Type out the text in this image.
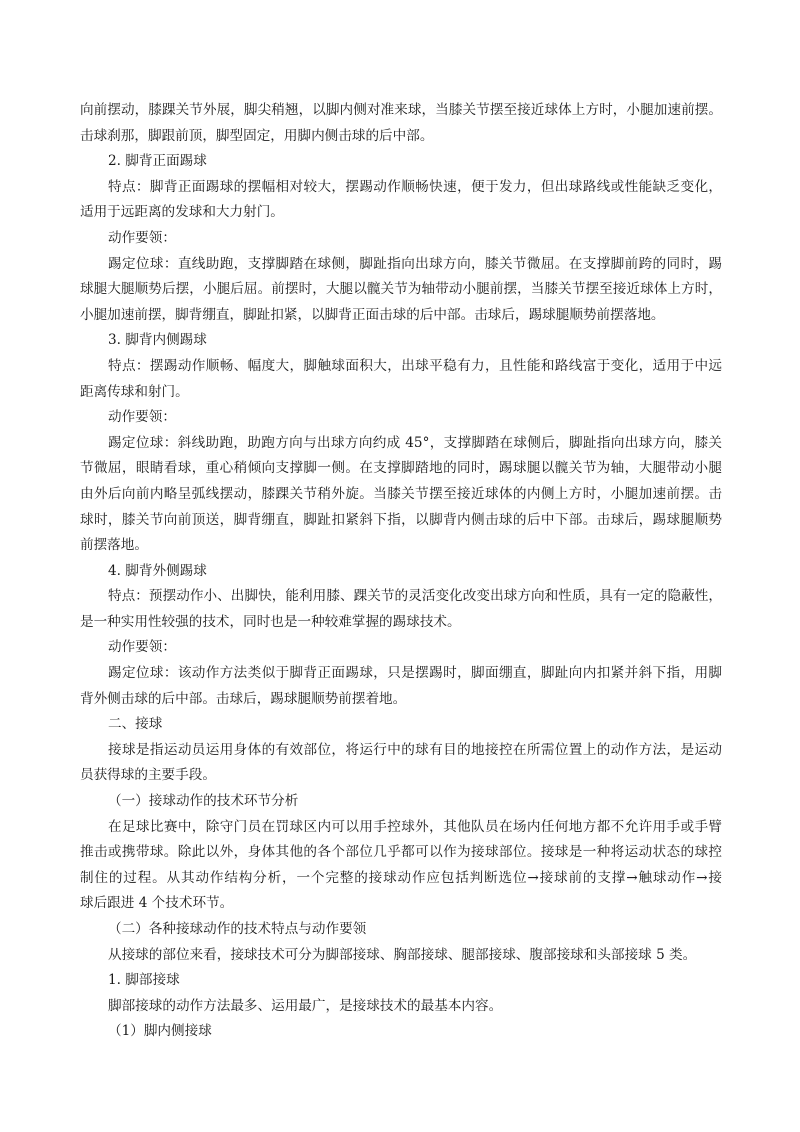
向前摆动，膝踝关节外展，脚尖稍翘，以脚内侧对准来球，当膝关节摆至接近球体上方时，小腿加速前摆。
击球刹那，脚跟前顶，脚型固定，用脚内侧击球的后中部。
2. 脚背正面踢球
特点：脚背正面踢球的摆幅相对较大，摆踢动作顺畅快速，便于发力，但出球路线或性能缺乏变化，
适用于远距离的发球和大力射门。
动作要领：
踢定位球：直线助跑，支撑脚踏在球侧，脚趾指向出球方向，膝关节微屈。在支撑脚前跨的同时，踢
球腿大腿顺势后摆，小腿后屈。前摆时，大腿以髋关节为轴带动小腿前摆，当膝关节摆至接近球体上方时，
小腿加速前摆，脚背绷直，脚趾扣紧，以脚背正面击球的后中部。击球后，踢球腿顺势前摆落地。
3. 脚背内侧踢球
特点：摆踢动作顺畅、幅度大，脚触球面积大，出球平稳有力，且性能和路线富于变化，适用于中远
距离传球和射门。
动作要领：
踢定位球：斜线助跑，助跑方向与出球方向约成 45°，支撑脚踏在球侧后，脚趾指向出球方向，膝关
节微屈，眼睛看球，重心稍倾向支撑脚一侧。在支撑脚踏地的同时，踢球腿以髋关节为轴，大腿带动小腿
由外后向前内略呈弧线摆动，膝踝关节稍外旋。当膝关节摆至接近球体的内侧上方时，小腿加速前摆。击
球时，膝关节向前顶送，脚背绷直，脚趾扣紧斜下指，以脚背内侧击球的后中下部。击球后，踢球腿顺势
前摆落地。
4. 脚背外侧踢球
特点：预摆动作小、出脚快，能利用膝、踝关节的灵活变化改变出球方向和性质，具有一定的隐蔽性，
是一种实用性较强的技术，同时也是一种较难掌握的踢球技术。
动作要领：
踢定位球：该动作方法类似于脚背正面踢球，只是摆踢时，脚面绷直，脚趾向内扣紧并斜下指，用脚
背外侧击球的后中部。击球后，踢球腿顺势前摆着地。
二、接球
接球是指运动员运用身体的有效部位，将运行中的球有目的地接控在所需位置上的动作方法，是运动
员获得球的主要手段。
（一）接球动作的技术环节分析
在足球比赛中，除守门员在罚球区内可以用手控球外，其他队员在场内任何地方都不允许用手或手臂
推击或携带球。除此以外，身体其他的各个部位几乎都可以作为接球部位。接球是一种将运动状态的球控
制住的过程。从其动作结构分析，一个完整的接球动作应包括判断选位→接球前的支撑→触球动作→接
球后跟进 4 个技术环节。
（二）各种接球动作的技术特点与动作要领
从接球的部位来看，接球技术可分为脚部接球、胸部接球、腿部接球、腹部接球和头部接球 5 类。
1. 脚部接球
脚部接球的动作方法最多、运用最广，是接球技术的最基本内容。
（1）脚内侧接球
